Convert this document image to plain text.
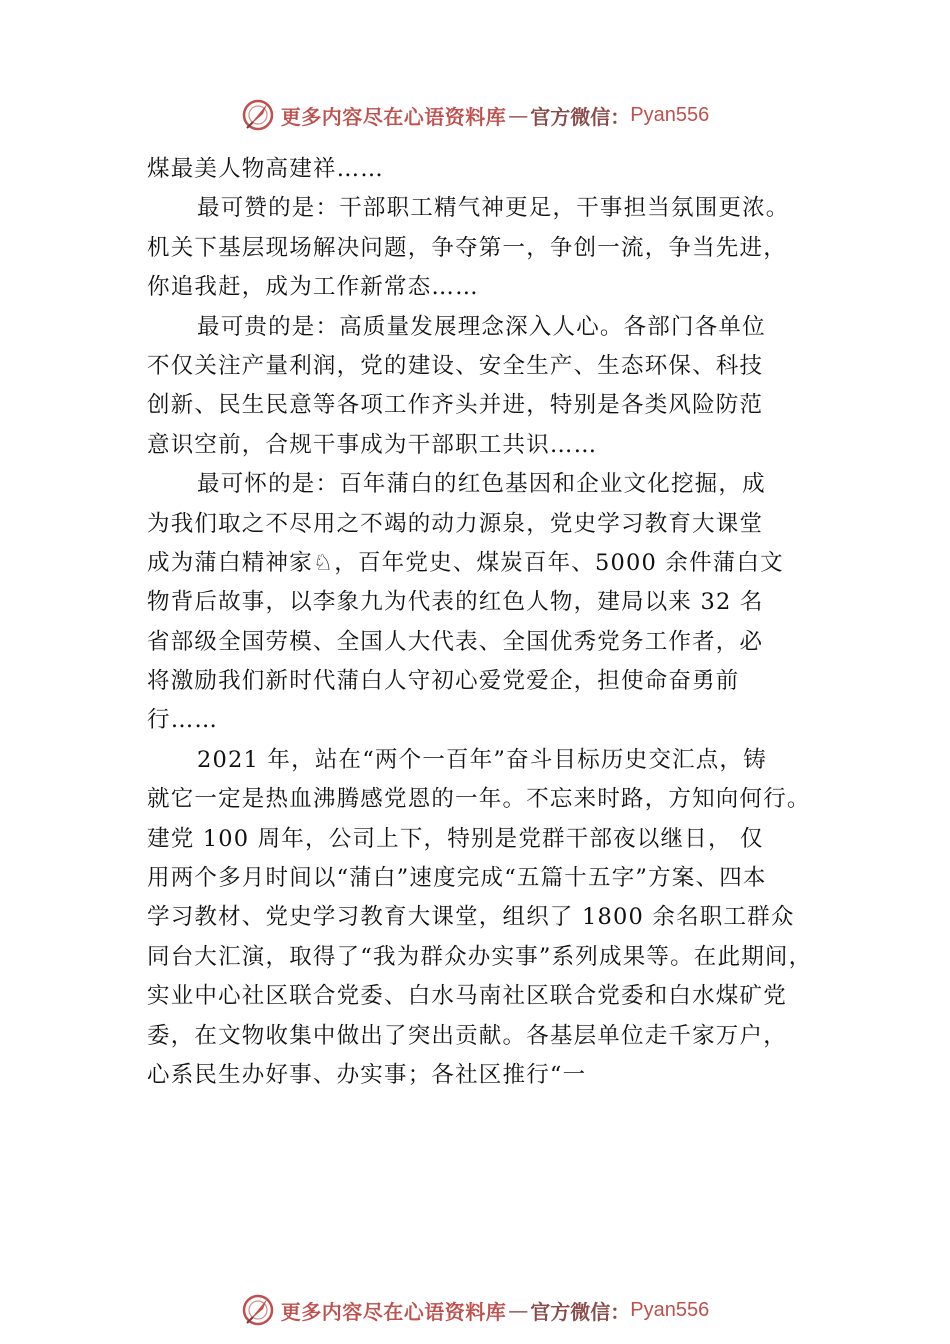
更多内容尽在心语资料库 — 官方微信： Pyan556
煤最美人物高建祥……
最可赞的是：干部职工精气神更足，干事担当氛围更浓。
机关下基层现场解决问题，争夺第一，争创一流，争当先进，
你追我赶，成为工作新常态……
最可贵的是：高质量发展理念深入人心。各部门各单位
不仅关注产量利润，党的建设、安全生产、生态环保、科技
创新、民生民意等各项工作齐头并进，特别是各类风险防范
意识空前，合规干事成为干部职工共识……
最可怀的是：百年蒲白的红色基因和企业文化挖掘，成
为我们取之不尽用之不竭的动力源泉，党史学习教育大课堂
成为蒲白精神家♘，百年党史、煤炭百年、5000 余件蒲白文
物背后故事，以李象九为代表的红色人物，建局以来 32 名
省部级全国劳模、全国人大代表、全国优秀党务工作者，必
将激励我们新时代蒲白人守初心爱党爱企，担使命奋勇前
行……
2021 年，站在“两个一百年”奋斗目标历史交汇点，铸
就它一定是热血沸腾感党恩的一年。不忘来时路，方知向何行。
建党 100 周年，公司上下，特别是党群干部夜以继日， 仅
用两个多月时间以“蒲白”速度完成“五篇十五字”方案、四本
学习教材、党史学习教育大课堂，组织了 1800 余名职工群众
同台大汇演，取得了“我为群众办实事”系列成果等。在此期间，
实业中心社区联合党委、白水马南社区联合党委和白水煤矿党
委，在文物收集中做出了突出贡献。各基层单位走千家万户，
心系民生办好事、办实事；各社区推行“一
更多内容尽在心语资料库 — 官方微信： Pyan556
